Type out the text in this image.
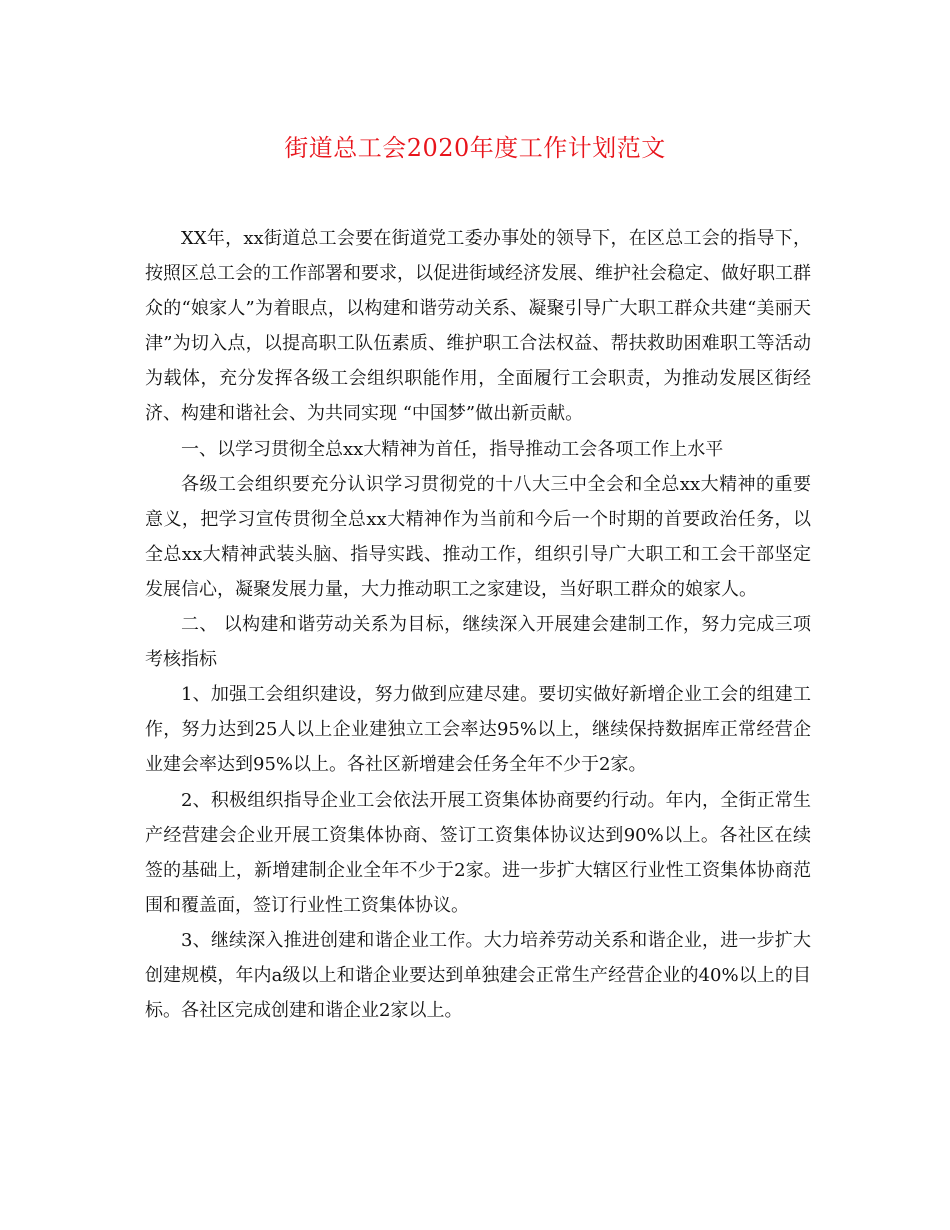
街道总工会2020年度工作计划范文

XX年，xx街道总工会要在街道党工委办事处的领导下，在区总工会的指导下，按照区总工会的工作部署和要求，以促进街域经济发展、维护社会稳定、做好职工群众的“娘家人”为着眼点，以构建和谐劳动关系、凝聚引导广大职工群众共建“美丽天津”为切入点，以提高职工队伍素质、维护职工合法权益、帮扶救助困难职工等活动为载体，充分发挥各级工会组织职能作用，全面履行工会职责，为推动发展区街经济、构建和谐社会、为共同实现 “中国梦”做出新贡献。

一、以学习贯彻全总xx大精神为首任，指导推动工会各项工作上水平

各级工会组织要充分认识学习贯彻党的十八大三中全会和全总xx大精神的重要意义，把学习宣传贯彻全总xx大精神作为当前和今后一个时期的首要政治任务，以全总xx大精神武装头脑、指导实践、推动工作，组织引导广大职工和工会干部坚定发展信心，凝聚发展力量，大力推动职工之家建设，当好职工群众的娘家人。

二、 以构建和谐劳动关系为目标，继续深入开展建会建制工作，努力完成三项考核指标

1、加强工会组织建设，努力做到应建尽建。要切实做好新增企业工会的组建工作，努力达到25人以上企业建独立工会率达95%以上，继续保持数据库正常经营企业建会率达到95%以上。各社区新增建会任务全年不少于2家。

2、积极组织指导企业工会依法开展工资集体协商要约行动。年内，全街正常生产经营建会企业开展工资集体协商、签订工资集体协议达到90%以上。各社区在续签的基础上，新增建制企业全年不少于2家。进一步扩大辖区行业性工资集体协商范围和覆盖面，签订行业性工资集体协议。

3、继续深入推进创建和谐企业工作。大力培养劳动关系和谐企业，进一步扩大创建规模，年内a级以上和谐企业要达到单独建会正常生产经营企业的40%以上的目标。各社区完成创建和谐企业2家以上。
